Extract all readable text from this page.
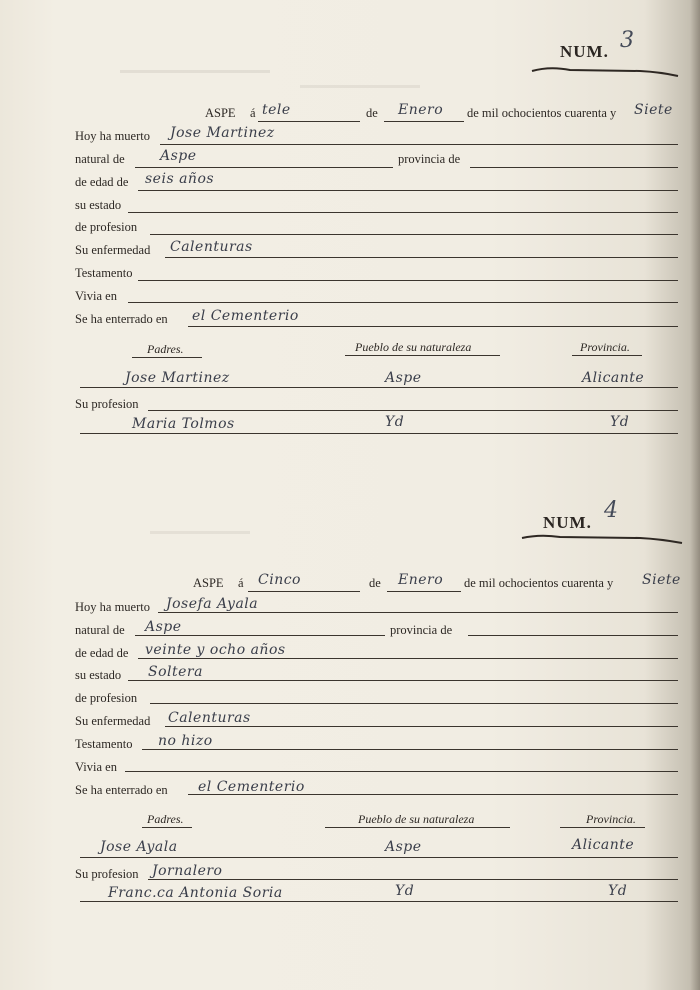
NUM. 3
ASPE á tele	de Enero de mil ochocientos cuarenta y Siete
Hoy ha muerto Jose Martinez
natural de	Aspe	provincia de
de edad de seis años
su estado
de profesion
Su enfermedad Calenturas
Testamento
Vivia en
Se ha enterrado en el Cementerio
Padres.	Pueblo de su naturaleza	Provincia.
Jose Martinez	Aspe	Alicante
Su profesion
Maria Tolmos	Yd	Yd
NUM. 4
ASPE á Cinco	de Enero de mil ochocientos cuarenta y Siete
Hoy ha muerto Josefa Ayala
natural de Aspe	provincia de
de edad de veinte y ocho años
su estado Soltera
de profesion
Su enfermedad Calenturas
Testamento no hizo
Vivia en
Se ha enterrado en el Cementerio
Padres.	Pueblo de su naturaleza	Provincia.
Jose Ayala	Aspe	Alicante
Su profesion Jornalero
Franc.ca Antonia Soria	Yd	Yd
